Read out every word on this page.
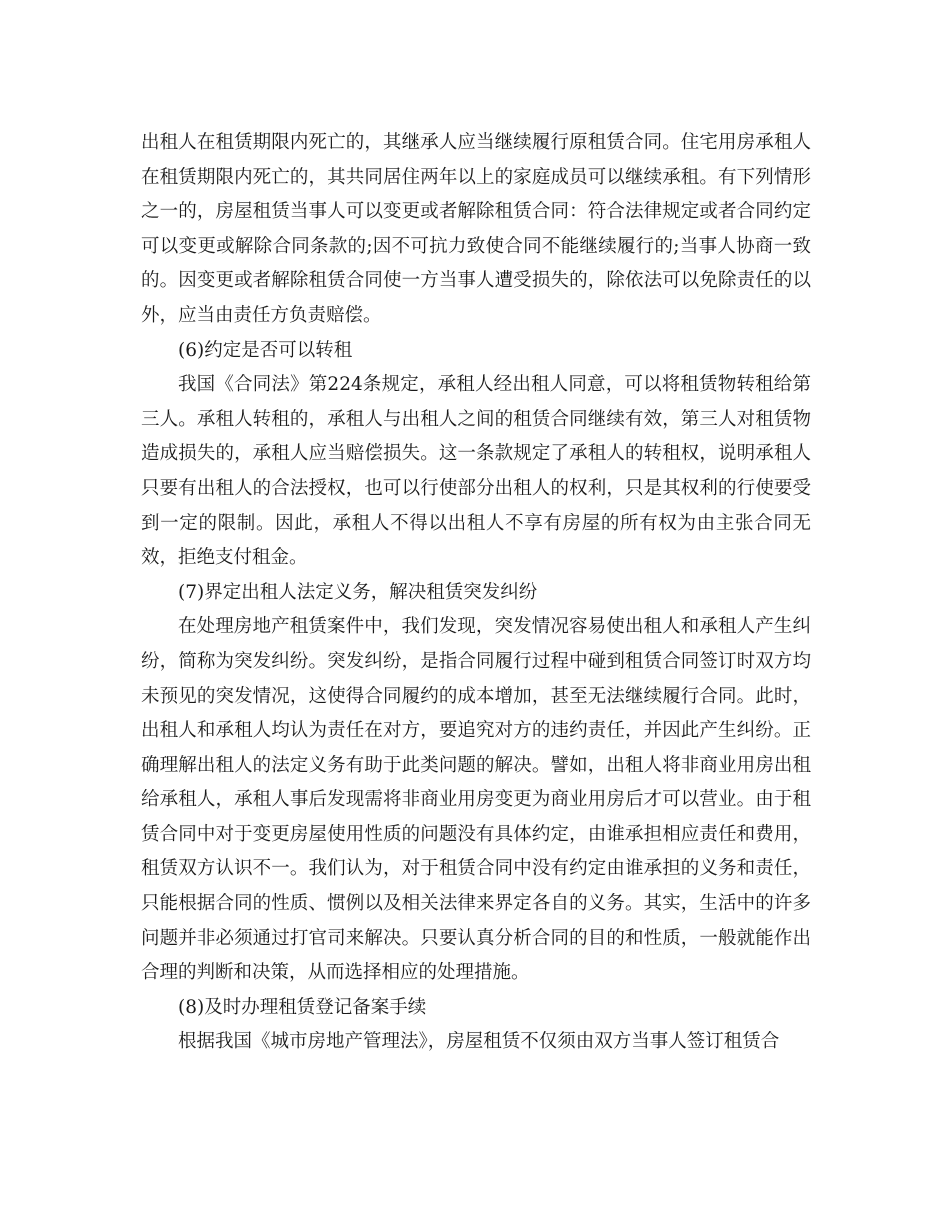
出租人在租赁期限内死亡的，其继承人应当继续履行原租赁合同。住宅用房承租人在租赁期限内死亡的，其共同居住两年以上的家庭成员可以继续承租。有下列情形之一的，房屋租赁当事人可以变更或者解除租赁合同：符合法律规定或者合同约定可以变更或解除合同条款的;因不可抗力致使合同不能继续履行的;当事人协商一致的。因变更或者解除租赁合同使一方当事人遭受损失的，除依法可以免除责任的以外，应当由责任方负责赔偿。

(6)约定是否可以转租

我国《合同法》第224条规定，承租人经出租人同意，可以将租赁物转租给第三人。承租人转租的，承租人与出租人之间的租赁合同继续有效，第三人对租赁物造成损失的，承租人应当赔偿损失。这一条款规定了承租人的转租权，说明承租人只要有出租人的合法授权，也可以行使部分出租人的权利，只是其权利的行使要受到一定的限制。因此，承租人不得以出租人不享有房屋的所有权为由主张合同无效，拒绝支付租金。

(7)界定出租人法定义务，解决租赁突发纠纷

在处理房地产租赁案件中，我们发现，突发情况容易使出租人和承租人产生纠纷，简称为突发纠纷。突发纠纷，是指合同履行过程中碰到租赁合同签订时双方均未预见的突发情况，这使得合同履约的成本增加，甚至无法继续履行合同。此时，出租人和承租人均认为责任在对方，要追究对方的违约责任，并因此产生纠纷。正确理解出租人的法定义务有助于此类问题的解决。譬如，出租人将非商业用房出租给承租人，承租人事后发现需将非商业用房变更为商业用房后才可以营业。由于租赁合同中对于变更房屋使用性质的问题没有具体约定，由谁承担相应责任和费用，租赁双方认识不一。我们认为，对于租赁合同中没有约定由谁承担的义务和责任，只能根据合同的性质、惯例以及相关法律来界定各自的义务。其实，生活中的许多问题并非必须通过打官司来解决。只要认真分析合同的目的和性质，一般就能作出合理的判断和决策，从而选择相应的处理措施。

(8)及时办理租赁登记备案手续

根据我国《城市房地产管理法》，房屋租赁不仅须由双方当事人签订租赁合
